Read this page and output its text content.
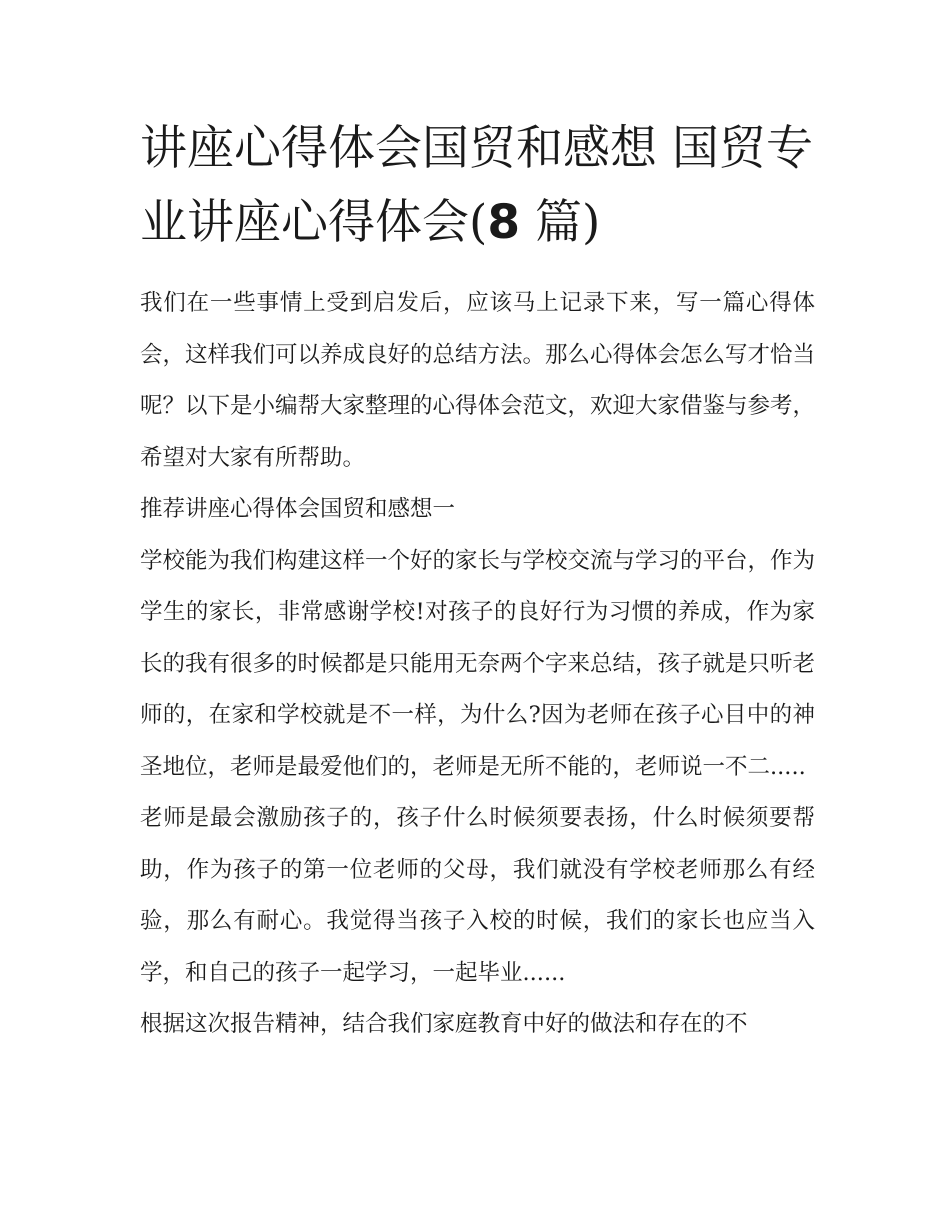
讲座心得体会国贸和感想 国贸专业讲座心得体会(8 篇)

我们在一些事情上受到启发后，应该马上记录下来，写一篇心得体会，这样我们可以养成良好的总结方法。那么心得体会怎么写才恰当呢？以下是小编帮大家整理的心得体会范文，欢迎大家借鉴与参考，希望对大家有所帮助。

推荐讲座心得体会国贸和感想一

学校能为我们构建这样一个好的家长与学校交流与学习的平台，作为学生的家长，非常感谢学校!对孩子的良好行为习惯的养成，作为家长的我有很多的时候都是只能用无奈两个字来总结，孩子就是只听老师的，在家和学校就是不一样，为什么?因为老师在孩子心目中的神圣地位，老师是最爱他们的，老师是无所不能的，老师说一不二.....

老师是最会激励孩子的，孩子什么时候须要表扬，什么时候须要帮助，作为孩子的第一位老师的父母，我们就没有学校老师那么有经验，那么有耐心。我觉得当孩子入校的时候，我们的家长也应当入学，和自己的孩子一起学习，一起毕业......

根据这次报告精神，结合我们家庭教育中好的做法和存在的不
